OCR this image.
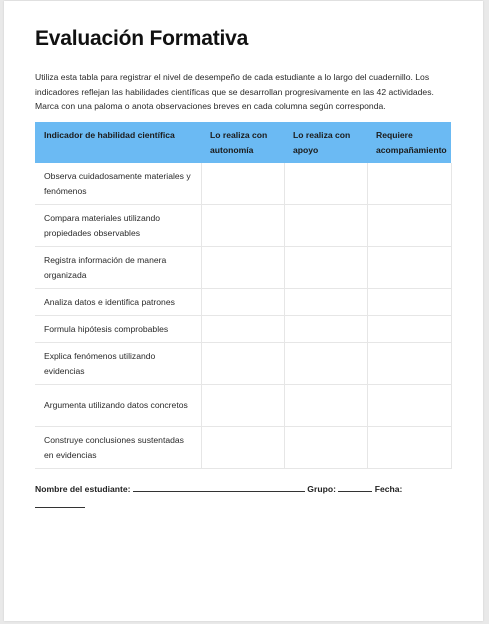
Evaluación Formativa
Utiliza esta tabla para registrar el nivel de desempeño de cada estudiante a lo largo del cuadernillo. Los indicadores reflejan las habilidades científicas que se desarrollan progresivamente en las 42 actividades. Marca con una paloma o anota observaciones breves en cada columna según corresponda.
Indicador de habilidad científica	Lo realiza con autonomía	Lo realiza con apoyo	Requiere acompañamiento
Observa cuidadosamente materiales y fenómenos			
Compara materiales utilizando propiedades observables			
Registra información de manera organizada			
Analiza datos e identifica patrones			
Formula hipótesis comprobables			
Explica fenómenos utilizando evidencias			
Argumenta utilizando datos concretos			
Construye conclusiones sustentadas en evidencias			
Nombre del estudiante:	Grupo:	Fecha:
